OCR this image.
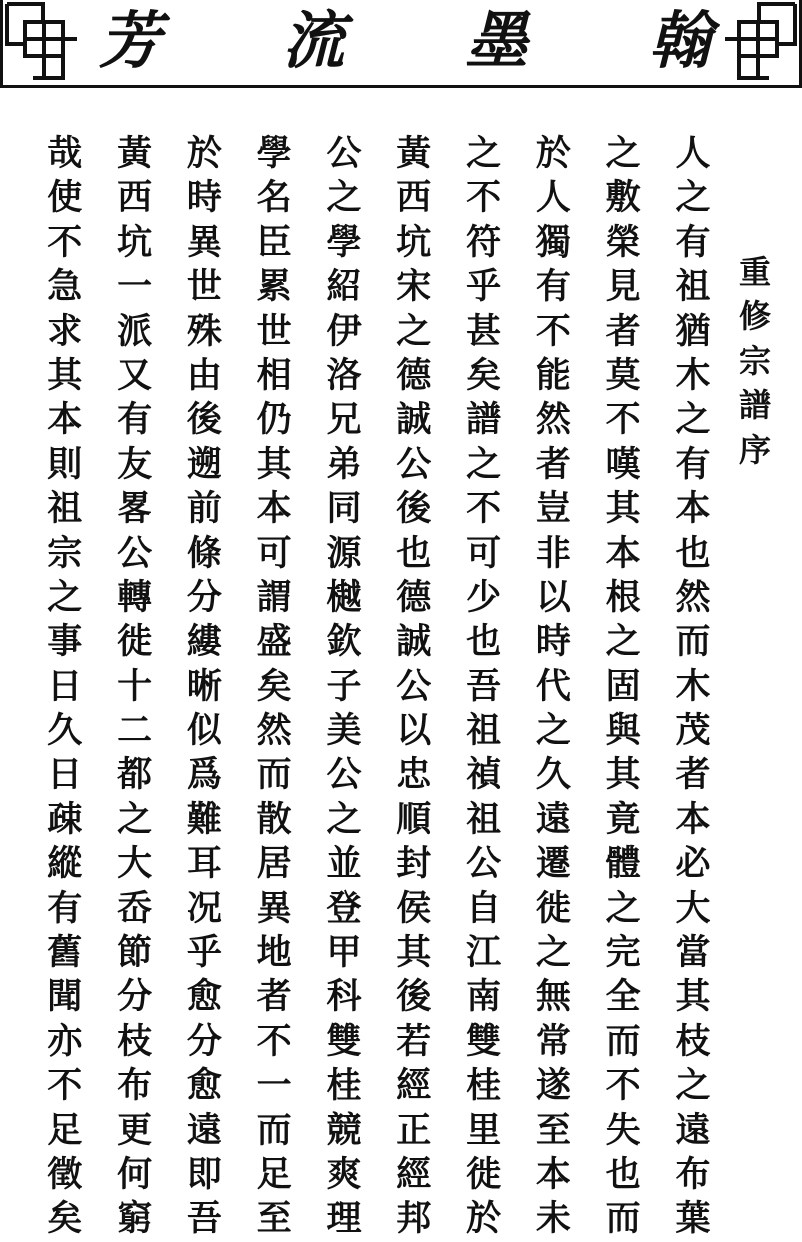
芳 流 墨 翰
重
修
宗
譜
序
人
之
有
祖
猶
木
之
有
本
也
然
而
木
茂
者
本
必
大
當
其
枝
之
遠
布
葉
之
敷
榮
見
者
莫
不
嘆
其
本
根
之
固
與
其
竟
體
之
完
全
而
不
失
也
而
於
人
獨
有
不
能
然
者
豈
非
以
時
代
之
久
遠
遷
徙
之
無
常
遂
至
本
未
之
不
符
乎
甚
矣
譜
之
不
可
少
也
吾
祖
禎
祖
公
自
江
南
雙
桂
里
徙
於
黃
西
坑
宋
之
德
誠
公
後
也
德
誠
公
以
忠
順
封
侯
其
後
若
經
正
經
邦
公
之
學
紹
伊
洛
兄
弟
同
源
樾
欽
子
美
公
之
並
登
甲
科
雙
桂
競
爽
理
學
名
臣
累
世
相
仍
其
本
可
謂
盛
矣
然
而
散
居
異
地
者
不
一
而
足
至
於
時
異
世
殊
由
後
遡
前
條
分
縷
晰
似
爲
難
耳
况
乎
愈
分
愈
遠
即
吾
黃
西
坑
一
派
又
有
友
畧
公
轉
徙
十
二
都
之
大
岙
節
分
枝
布
更
何
窮
哉
使
不
急
求
其
本
則
祖
宗
之
事
日
久
日
疎
縱
有
舊
聞
亦
不
足
徵
矣
